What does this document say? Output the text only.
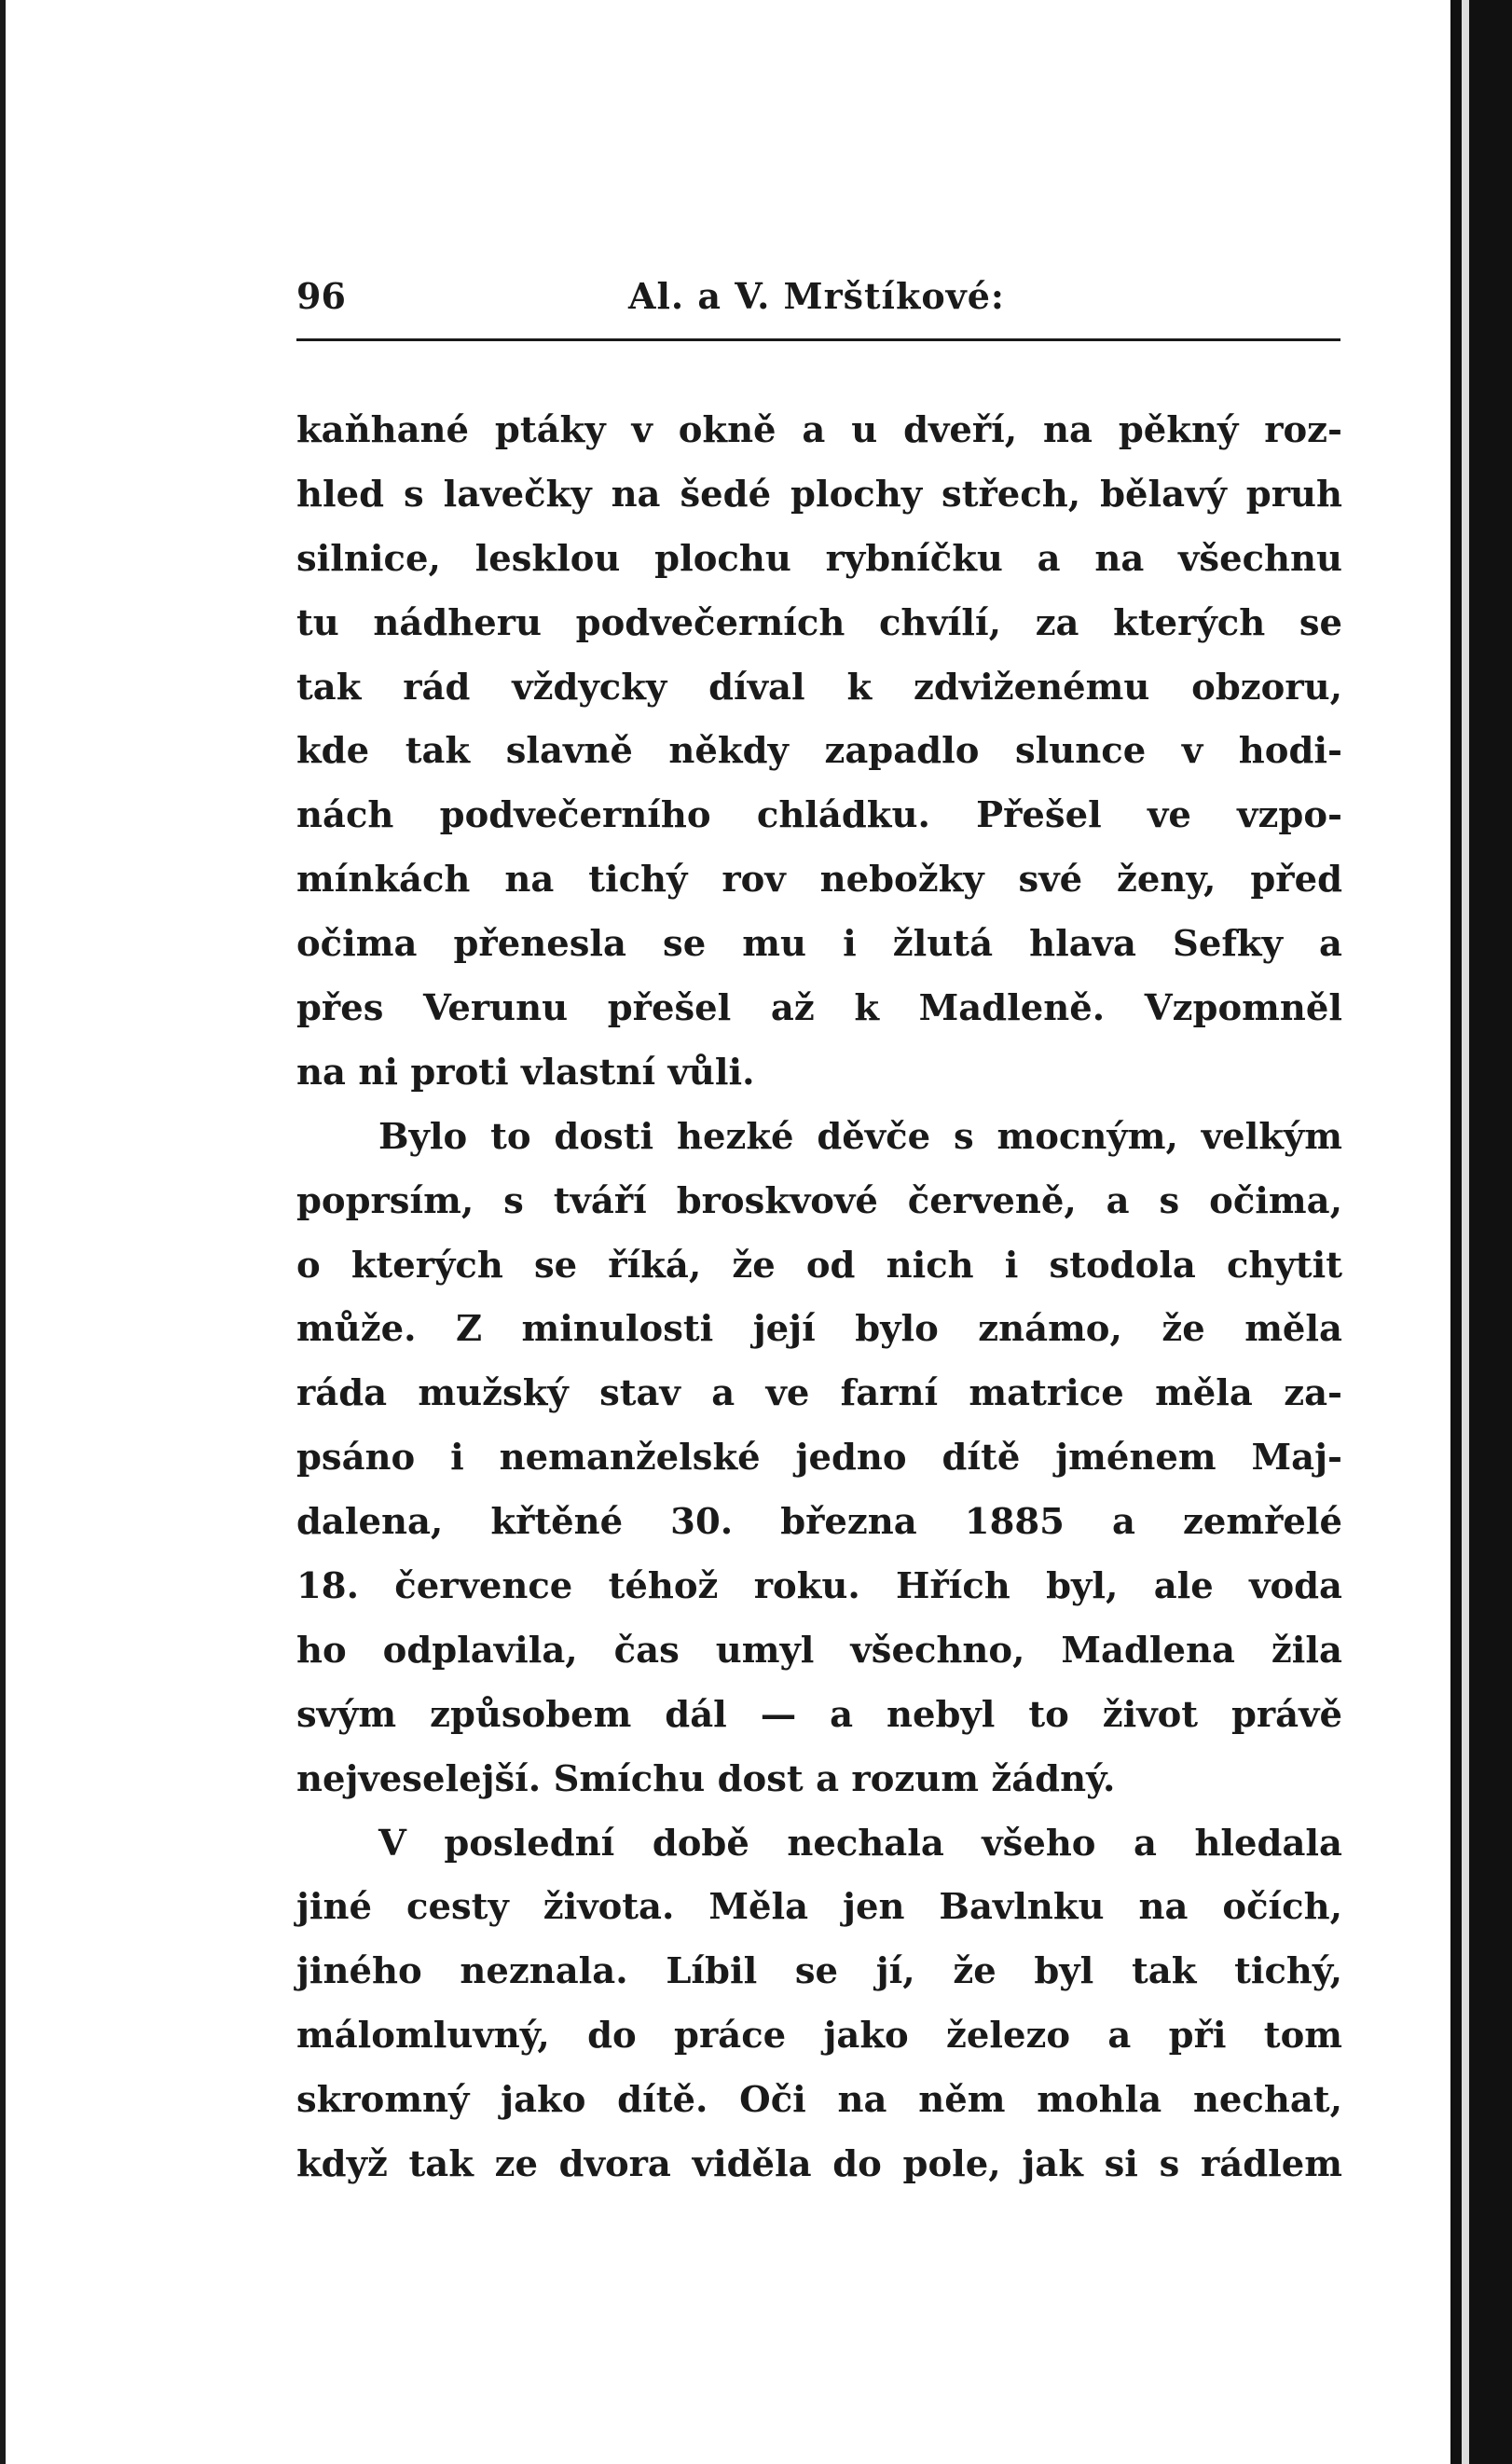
96	Al. a V. Mrštíkové:
kaňhané ptáky v okně a u dveří, na pěkný roz-
hled s lavečky na šedé plochy střech, bělavý pruh
silnice, lesklou plochu rybníčku a na všechnu
tu nádheru podvečerních chvílí, za kterých se
tak rád vždycky díval k zdviženému obzoru,
kde tak slavně někdy zapadlo slunce v hodi-
nách podvečerního chládku. Přešel ve vzpo-
mínkách na tichý rov nebožky své ženy, před
očima přenesla se mu i žlutá hlava Sefky a
přes Verunu přešel až k Madleně. Vzpomněl
na ni proti vlastní vůli.
Bylo to dosti hezké děvče s mocným, velkým
poprsím, s tváří broskvové červeně, a s očima,
o kterých se říká, že od nich i stodola chytit
může. Z minulosti její bylo známo, že měla
ráda mužský stav a ve farní matrice měla za-
psáno i nemanželské jedno dítě jménem Maj-
dalena, křtěné 30. března 1885 a zemřelé
18. července téhož roku. Hřích byl, ale voda
ho odplavila, čas umyl všechno, Madlena žila
svým způsobem dál — a nebyl to život právě
nejveselejší. Smíchu dost a rozum žádný.
V poslední době nechala všeho a hledala
jiné cesty života. Měla jen Bavlnku na očích,
jiného neznala. Líbil se jí, že byl tak tichý,
málomluvný, do práce jako železo a při tom
skromný jako dítě. Oči na něm mohla nechat,
když tak ze dvora viděla do pole, jak si s rádlem
